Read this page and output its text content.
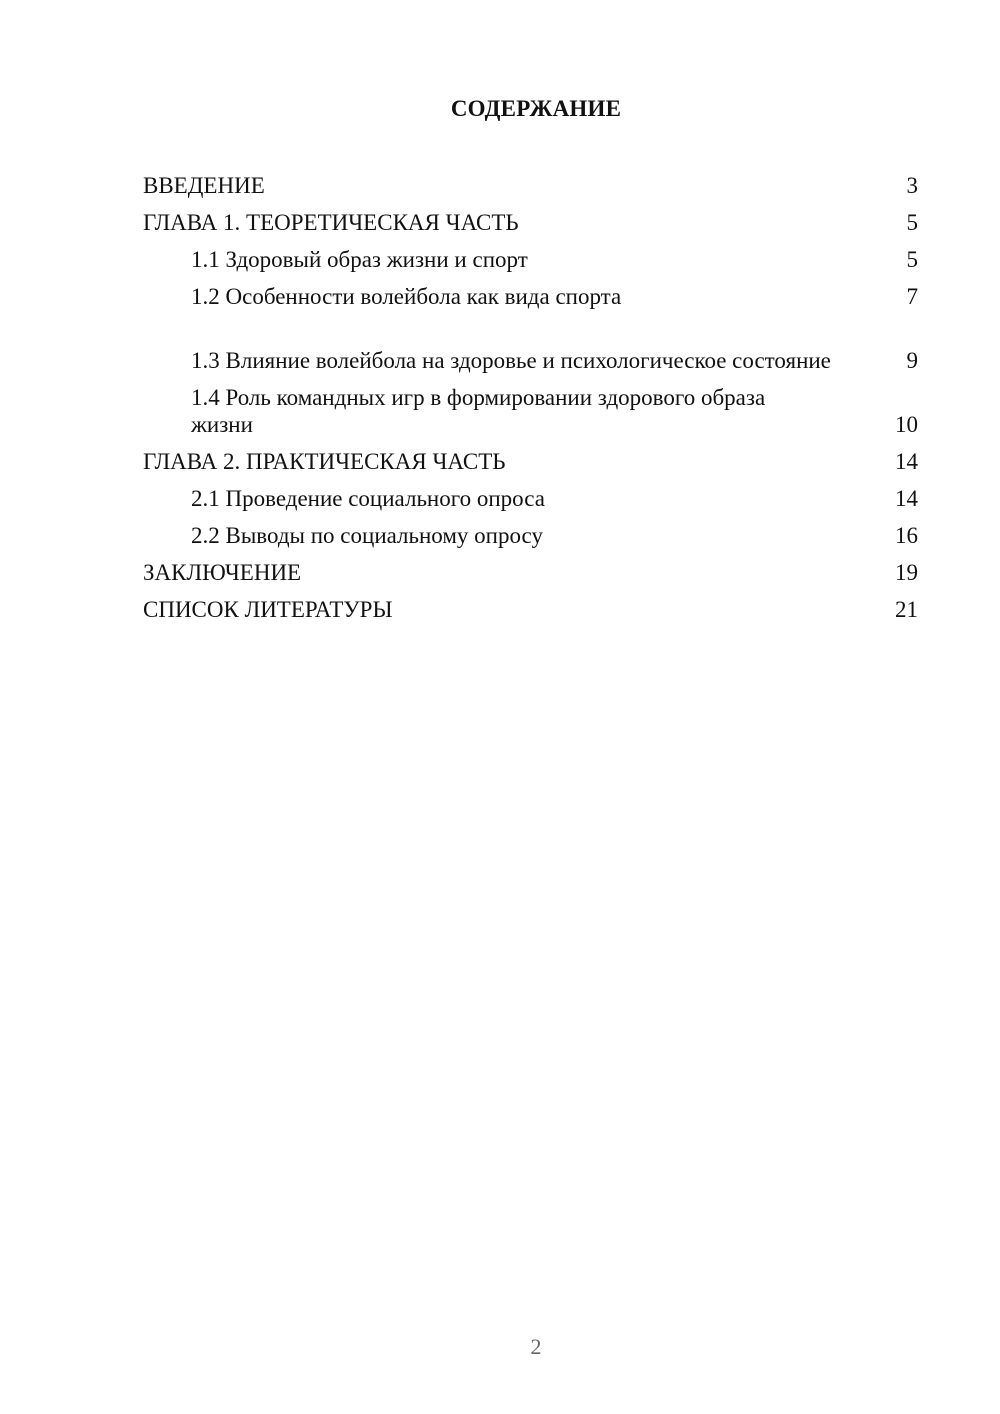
СОДЕРЖАНИЕ
ВВЕДЕНИЕ	3
ГЛАВА 1. ТЕОРЕТИЧЕСКАЯ ЧАСТЬ	5
1.1 Здоровый образ жизни и спорт	5
1.2 Особенности волейбола как вида спорта	7
1.3 Влияние волейбола на здоровье и психологическое состояние	9
1.4 Роль командных игр в формировании здорового образа жизни	10
ГЛАВА 2. ПРАКТИЧЕСКАЯ ЧАСТЬ	14
2.1 Проведение социального опроса	14
2.2 Выводы по социальному опросу	16
ЗАКЛЮЧЕНИЕ	19
СПИСОК ЛИТЕРАТУРЫ	21
2
